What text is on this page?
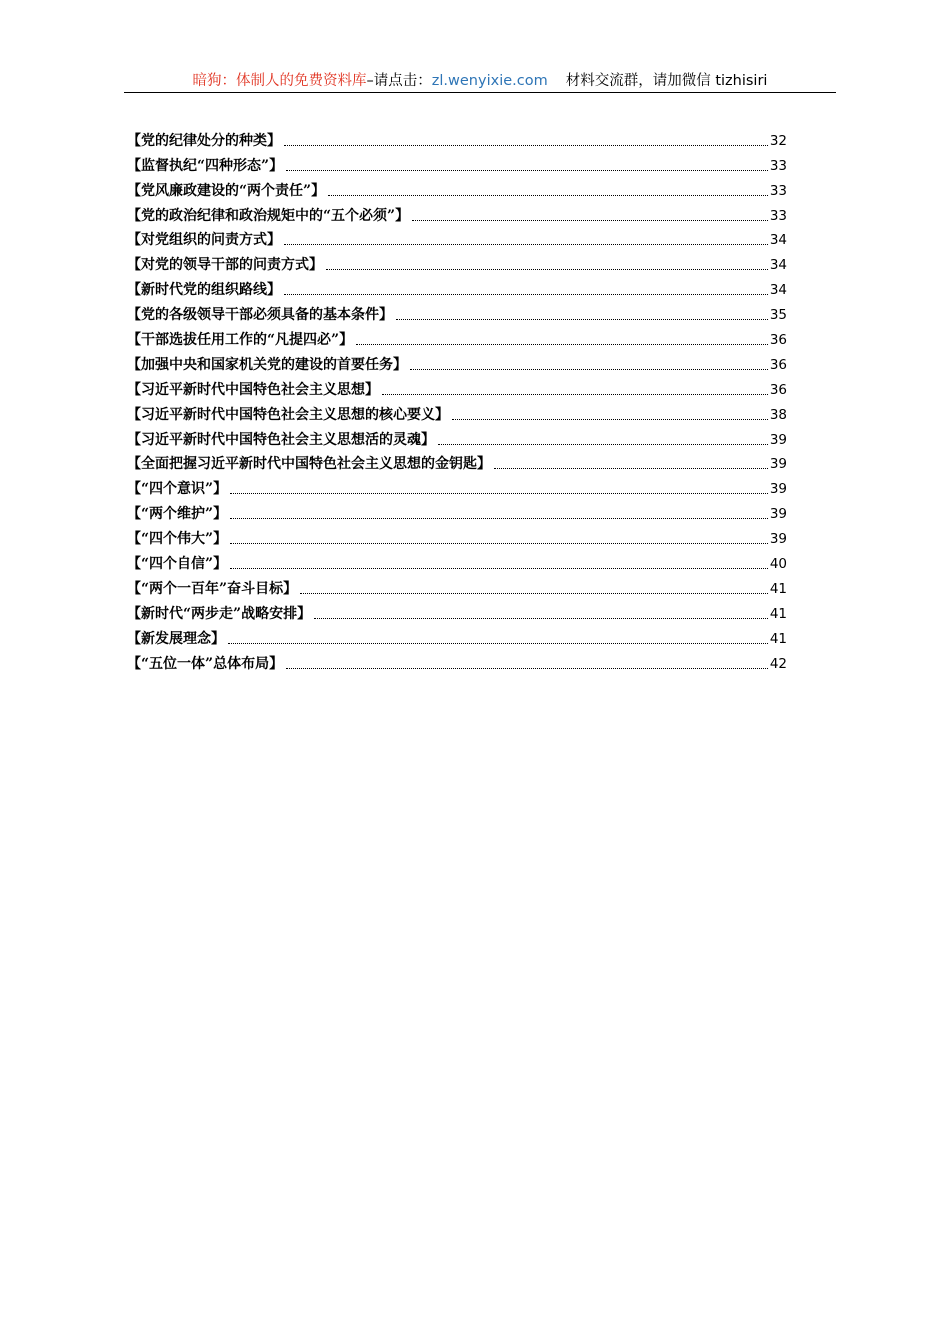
暗狗：体制人的免费资料库–请点击：zl.wenyixie.com 材料交流群，请加微信 tizhisiri
【党的纪律处分的种类】	32
【监督执纪“四种形态”】	33
【党风廉政建设的“两个责任”】	33
【党的政治纪律和政治规矩中的“五个必须”】	33
【对党组织的问责方式】	34
【对党的领导干部的问责方式】	34
【新时代党的组织路线】	34
【党的各级领导干部必须具备的基本条件】	35
【干部选拔任用工作的“凡提四必”】	36
【加强中央和国家机关党的建设的首要任务】	36
【习近平新时代中国特色社会主义思想】	36
【习近平新时代中国特色社会主义思想的核心要义】	38
【习近平新时代中国特色社会主义思想活的灵魂】	39
【全面把握习近平新时代中国特色社会主义思想的金钥匙】	39
【“四个意识”】	39
【“两个维护”】	39
【“四个伟大”】	39
【“四个自信”】	40
【“两个一百年”奋斗目标】	41
【新时代“两步走”战略安排】	41
【新发展理念】	41
【“五位一体”总体布局】	42
